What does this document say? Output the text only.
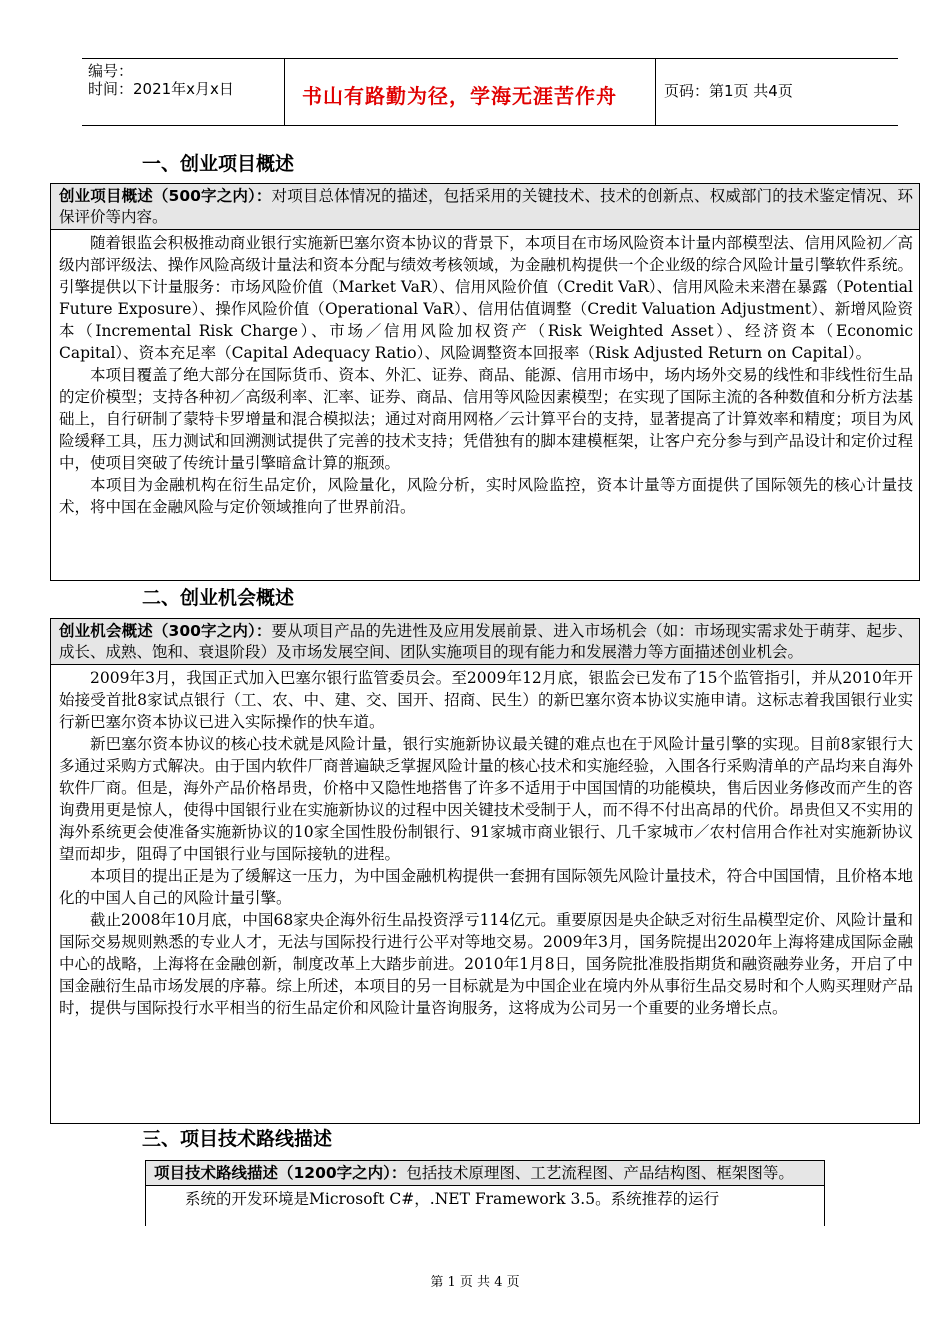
编号：
时间：2021年x月x日	书山有路勤为径，学海无涯苦作舟	页码：第1页 共4页
一、创业项目概述
创业项目概述（500字之内）：对项目总体情况的描述，包括采用的关键技术、技术的创新点、权威部门的技术鉴定情况、环保评价等内容。

随着银监会积极推动商业银行实施新巴塞尔资本协议的背景下，本项目在市场风险资本计量内部模型法、信用风险初／高级内部评级法、操作风险高级计量法和资本分配与绩效考核领域，为金融机构提供一个企业级的综合风险计量引擎软件系统。引擎提供以下计量服务：市场风险价值（Market VaR）、信用风险价值（Credit VaR）、信用风险未来潜在暴露（Potential Future Exposure）、操作风险价值（Operational VaR）、信用估值调整（Credit Valuation Adjustment）、新增风险资本（Incremental Risk Charge）、市场／信用风险加权资产（Risk Weighted Asset）、经济资本（Economic Capital）、资本充足率（Capital Adequacy Ratio）、风险调整资本回报率（Risk Adjusted Return on Capital）。

本项目覆盖了绝大部分在国际货币、资本、外汇、证券、商品、能源、信用市场中，场内场外交易的线性和非线性衍生品的定价模型；支持各种初／高级利率、汇率、证券、商品、信用等风险因素模型；在实现了国际主流的各种数值和分析方法基础上，自行研制了蒙特卡罗增量和混合模拟法；通过对商用网格／云计算平台的支持，显著提高了计算效率和精度；项目为风险缓释工具，压力测试和回溯测试提供了完善的技术支持；凭借独有的脚本建模框架，让客户充分参与到产品设计和定价过程中，使项目突破了传统计量引擎暗盒计算的瓶颈。

本项目为金融机构在衍生品定价，风险量化，风险分析，实时风险监控，资本计量等方面提供了国际领先的核心计量技术，将中国在金融风险与定价领域推向了世界前沿。

二、创业机会概述
创业机会概述（300字之内）：要从项目产品的先进性及应用发展前景、进入市场机会（如：市场现实需求处于萌芽、起步、成长、成熟、饱和、衰退阶段）及市场发展空间、团队实施项目的现有能力和发展潜力等方面描述创业机会。

2009年3月，我国正式加入巴塞尔银行监管委员会。至2009年12月底，银监会已发布了15个监管指引，并从2010年开始接受首批8家试点银行（工、农、中、建、交、国开、招商、民生）的新巴塞尔资本协议实施申请。这标志着我国银行业实行新巴塞尔资本协议已进入实际操作的快车道。

新巴塞尔资本协议的核心技术就是风险计量，银行实施新协议最关键的难点也在于风险计量引擎的实现。目前8家银行大多通过采购方式解决。由于国内软件厂商普遍缺乏掌握风险计量的核心技术和实施经验，入围各行采购清单的产品均来自海外软件厂商。但是，海外产品价格昂贵，价格中又隐性地搭售了许多不适用于中国国情的功能模块，售后因业务修改而产生的咨询费用更是惊人，使得中国银行业在实施新协议的过程中因关键技术受制于人，而不得不付出高昂的代价。昂贵但又不实用的海外系统更会使准备实施新协议的10家全国性股份制银行、91家城市商业银行、几千家城市／农村信用合作社对实施新协议望而却步，阻碍了中国银行业与国际接轨的进程。

本项目的提出正是为了缓解这一压力，为中国金融机构提供一套拥有国际领先风险计量技术，符合中国国情，且价格本地化的中国人自己的风险计量引擎。

截止2008年10月底，中国68家央企海外衍生品投资浮亏114亿元。重要原因是央企缺乏对衍生品模型定价、风险计量和国际交易规则熟悉的专业人才，无法与国际投行进行公平对等地交易。2009年3月，国务院提出2020年上海将建成国际金融中心的战略，上海将在金融创新，制度改革上大踏步前进。2010年1月8日，国务院批准股指期货和融资融券业务，开启了中国金融衍生品市场发展的序幕。综上所述，本项目的另一目标就是为中国企业在境内外从事衍生品交易时和个人购买理财产品时，提供与国际投行水平相当的衍生品定价和风险计量咨询服务，这将成为公司另一个重要的业务增长点。

三、项目技术路线描述
项目技术路线描述（1200字之内）：包括技术原理图、工艺流程图、产品结构图、框架图等。

系统的开发环境是Microsoft C#，.NET Framework 3.5。系统推荐的运行

第 1 页 共 4 页
